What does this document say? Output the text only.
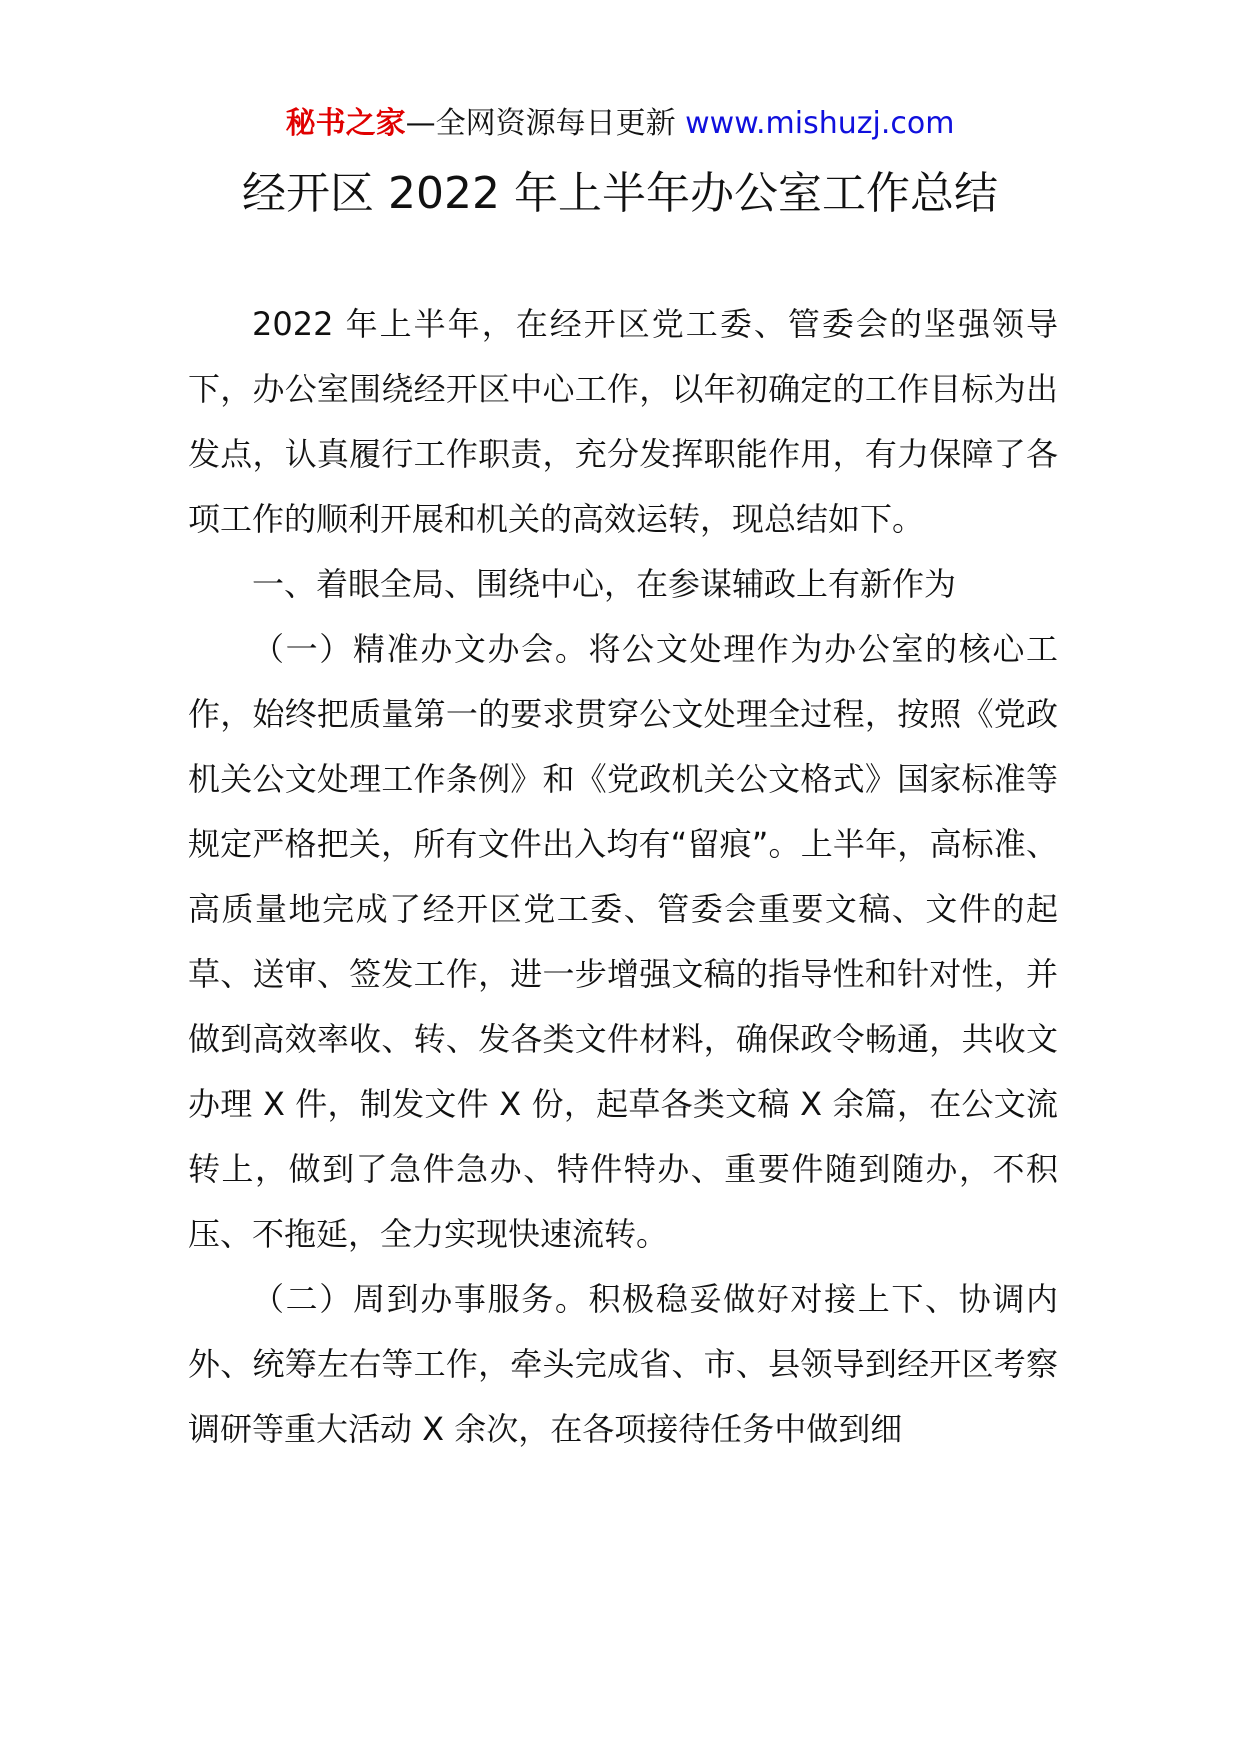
秘书之家—全网资源每日更新 www.mishuzj.com
经开区 2022 年上半年办公室工作总结

2022 年上半年，在经开区党工委、管委会的坚强领导下，办公室围绕经开区中心工作，以年初确定的工作目标为出发点，认真履行工作职责，充分发挥职能作用，有力保障了各项工作的顺利开展和机关的高效运转，现总结如下。

一、着眼全局、围绕中心，在参谋辅政上有新作为

（一）精准办文办会。将公文处理作为办公室的核心工作，始终把质量第一的要求贯穿公文处理全过程，按照《党政机关公文处理工作条例》和《党政机关公文格式》国家标准等规定严格把关，所有文件出入均有“留痕”。上半年，高标准、高质量地完成了经开区党工委、管委会重要文稿、文件的起草、送审、签发工作，进一步增强文稿的指导性和针对性，并做到高效率收、转、发各类文件材料，确保政令畅通，共收文办理 X 件，制发文件 X 份，起草各类文稿 X 余篇，在公文流转上，做到了急件急办、特件特办、重要件随到随办，不积压、不拖延，全力实现快速流转。

（二）周到办事服务。积极稳妥做好对接上下、协调内外、统筹左右等工作，牵头完成省、市、县领导到经开区考察调研等重大活动 X 余次，在各项接待任务中做到细
